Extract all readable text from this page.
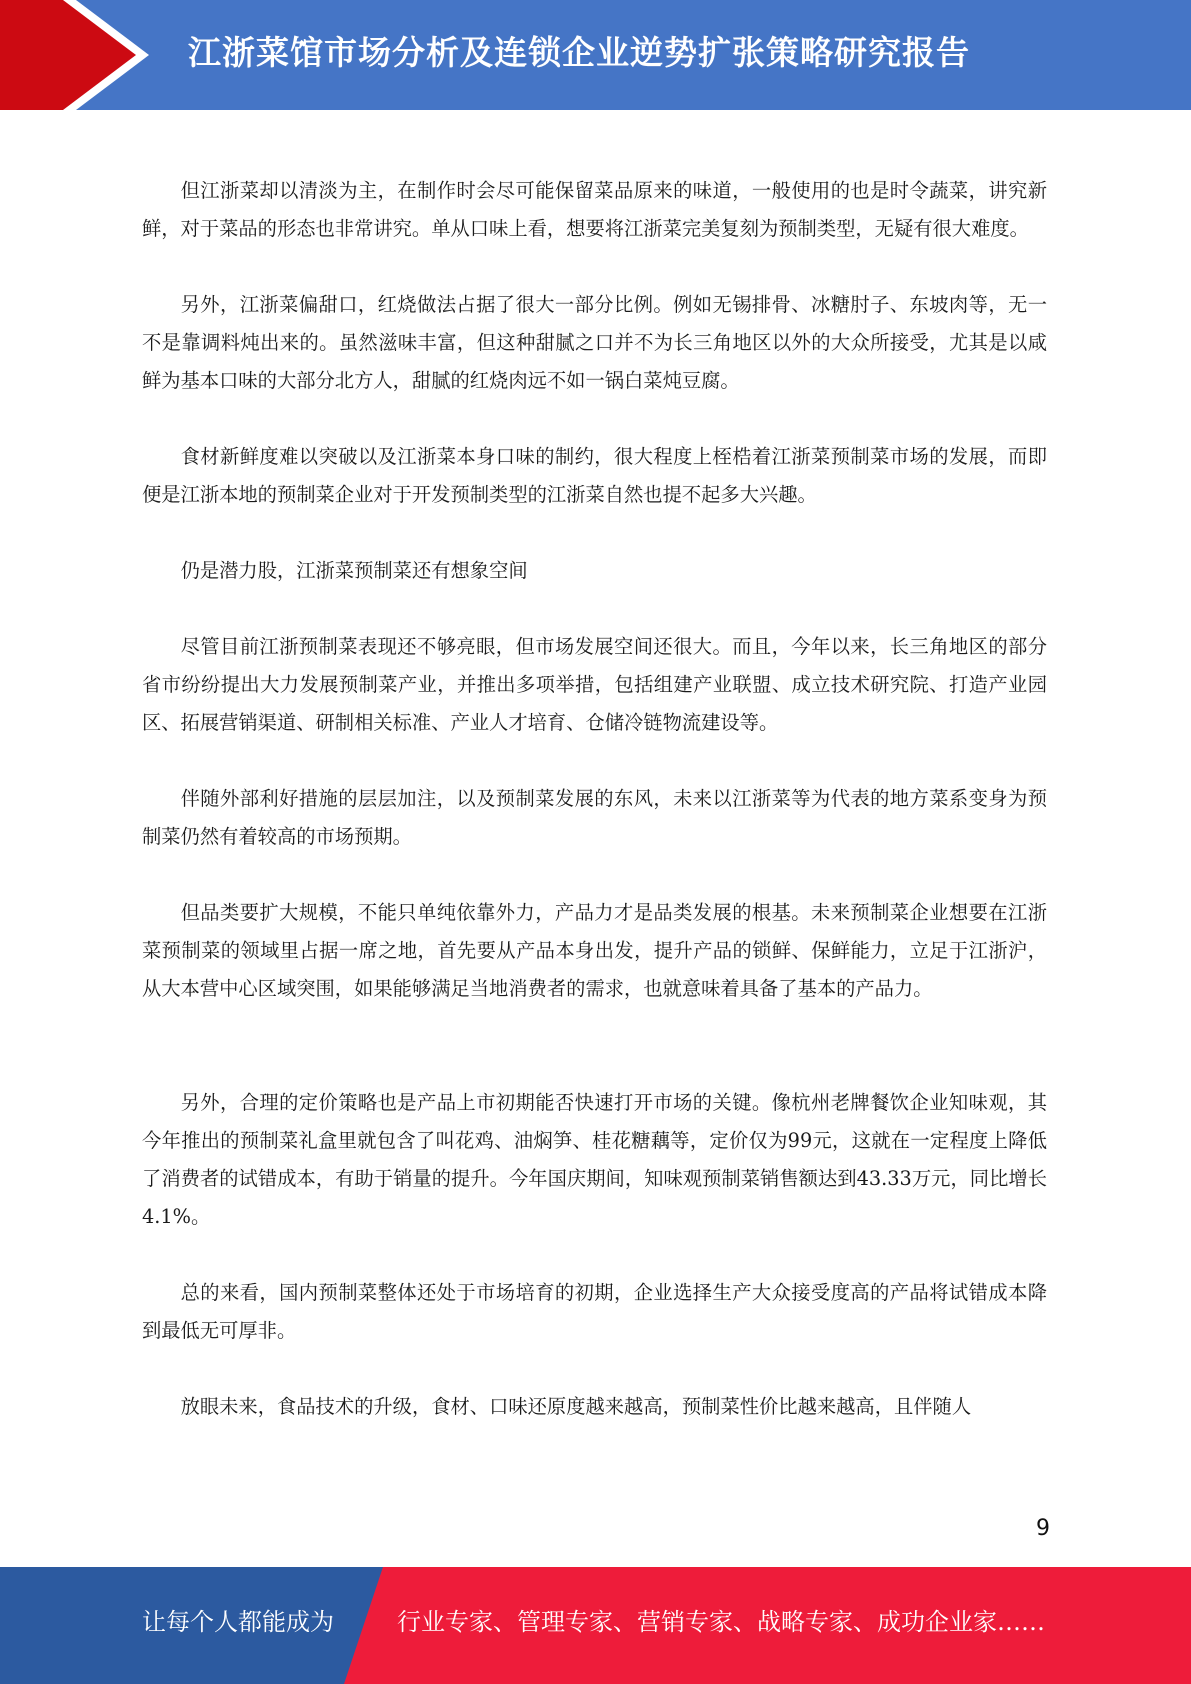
江浙菜馆市场分析及连锁企业逆势扩张策略研究报告

但江浙菜却以清淡为主，在制作时会尽可能保留菜品原来的味道，一般使用的也是时令蔬菜，讲究新鲜，对于菜品的形态也非常讲究。单从口味上看，想要将江浙菜完美复刻为预制类型，无疑有很大难度。

另外，江浙菜偏甜口，红烧做法占据了很大一部分比例。例如无锡排骨、冰糖肘子、东坡肉等，无一不是靠调料炖出来的。虽然滋味丰富，但这种甜腻之口并不为长三角地区以外的大众所接受，尤其是以咸鲜为基本口味的大部分北方人，甜腻的红烧肉远不如一锅白菜炖豆腐。

食材新鲜度难以突破以及江浙菜本身口味的制约，很大程度上桎梏着江浙菜预制菜市场的发展，而即便是江浙本地的预制菜企业对于开发预制类型的江浙菜自然也提不起多大兴趣。

仍是潜力股，江浙菜预制菜还有想象空间

尽管目前江浙预制菜表现还不够亮眼，但市场发展空间还很大。而且，今年以来，长三角地区的部分省市纷纷提出大力发展预制菜产业，并推出多项举措，包括组建产业联盟、成立技术研究院、打造产业园区、拓展营销渠道、研制相关标准、产业人才培育、仓储冷链物流建设等。

伴随外部利好措施的层层加注，以及预制菜发展的东风，未来以江浙菜等为代表的地方菜系变身为预制菜仍然有着较高的市场预期。

但品类要扩大规模，不能只单纯依靠外力，产品力才是品类发展的根基。未来预制菜企业想要在江浙菜预制菜的领域里占据一席之地，首先要从产品本身出发，提升产品的锁鲜、保鲜能力，立足于江浙沪，从大本营中心区域突围，如果能够满足当地消费者的需求，也就意味着具备了基本的产品力。

另外，合理的定价策略也是产品上市初期能否快速打开市场的关键。像杭州老牌餐饮企业知味观，其今年推出的预制菜礼盒里就包含了叫花鸡、油焖笋、桂花糖藕等，定价仅为99元，这就在一定程度上降低了消费者的试错成本，有助于销量的提升。今年国庆期间，知味观预制菜销售额达到43.33万元，同比增长4.1%。

总的来看，国内预制菜整体还处于市场培育的初期，企业选择生产大众接受度高的产品将试错成本降到最低无可厚非。

放眼未来，食品技术的升级，食材、口味还原度越来越高，预制菜性价比越来越高，且伴随人

9
让每个人都能成为	行业专家、管理专家、营销专家、战略专家、成功企业家……
